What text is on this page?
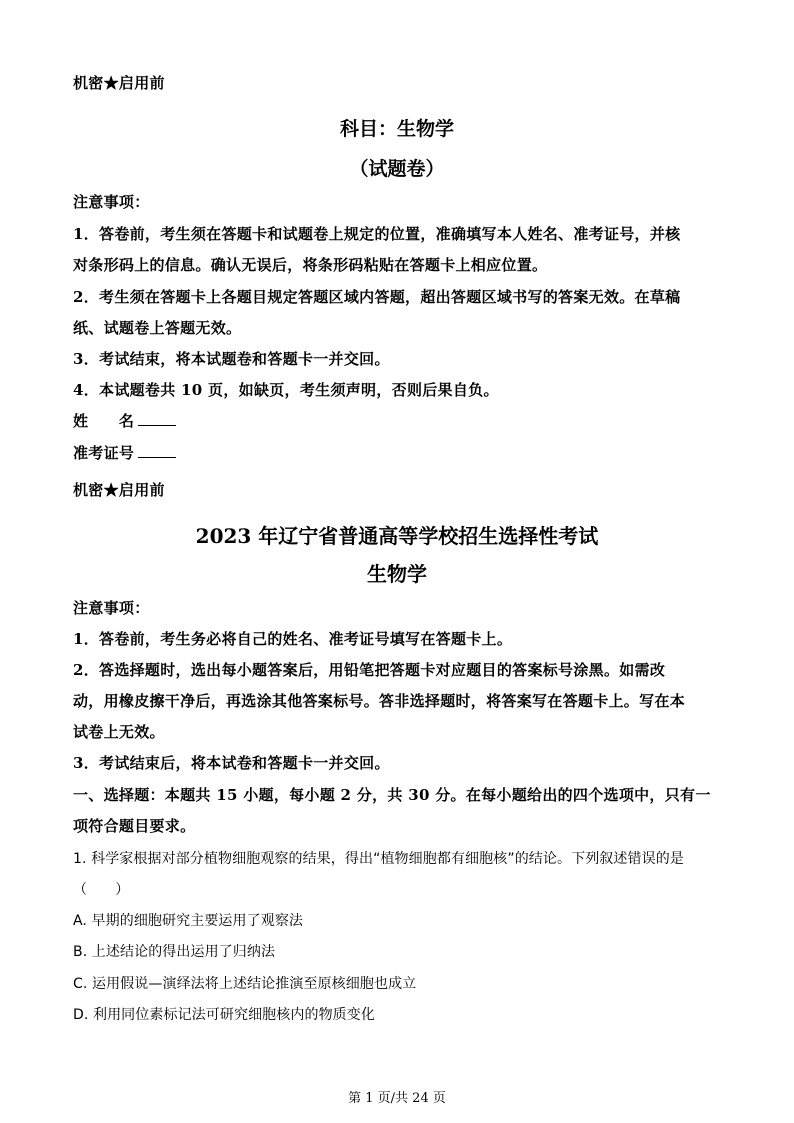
机密★启用前
科目：生物学
（试题卷）
注意事项：
1．答卷前，考生须在答题卡和试题卷上规定的位置，准确填写本人姓名、准考证号，并核
对条形码上的信息。确认无误后，将条形码粘贴在答题卡上相应位置。
2．考生须在答题卡上各题目规定答题区域内答题，超出答题区域书写的答案无效。在草稿
纸、试题卷上答题无效。
3．考试结束，将本试题卷和答题卡一并交回。
4．本试题卷共 10 页，如缺页，考生须声明，否则后果自负。
姓　　名
准考证号
机密★启用前
2023 年辽宁省普通高等学校招生选择性考试
生物学
注意事项：
1．答卷前，考生务必将自己的姓名、准考证号填写在答题卡上。
2．答选择题时，选出每小题答案后，用铅笔把答题卡对应题目的答案标号涂黑。如需改
动，用橡皮擦干净后，再选涂其他答案标号。答非选择题时，将答案写在答题卡上。写在本
试卷上无效。
3．考试结束后，将本试卷和答题卡一并交回。
一、选择题：本题共 15 小题，每小题 2 分，共 30 分。在每小题给出的四个选项中，只有一
项符合题目要求。
1. 科学家根据对部分植物细胞观察的结果，得出“植物细胞都有细胞核”的结论。下列叙述错误的是
（　　）
A. 早期的细胞研究主要运用了观察法
B. 上述结论的得出运用了归纳法
C. 运用假说—演绎法将上述结论推演至原核细胞也成立
D. 利用同位素标记法可研究细胞核内的物质变化
第 1 页/共 24 页
